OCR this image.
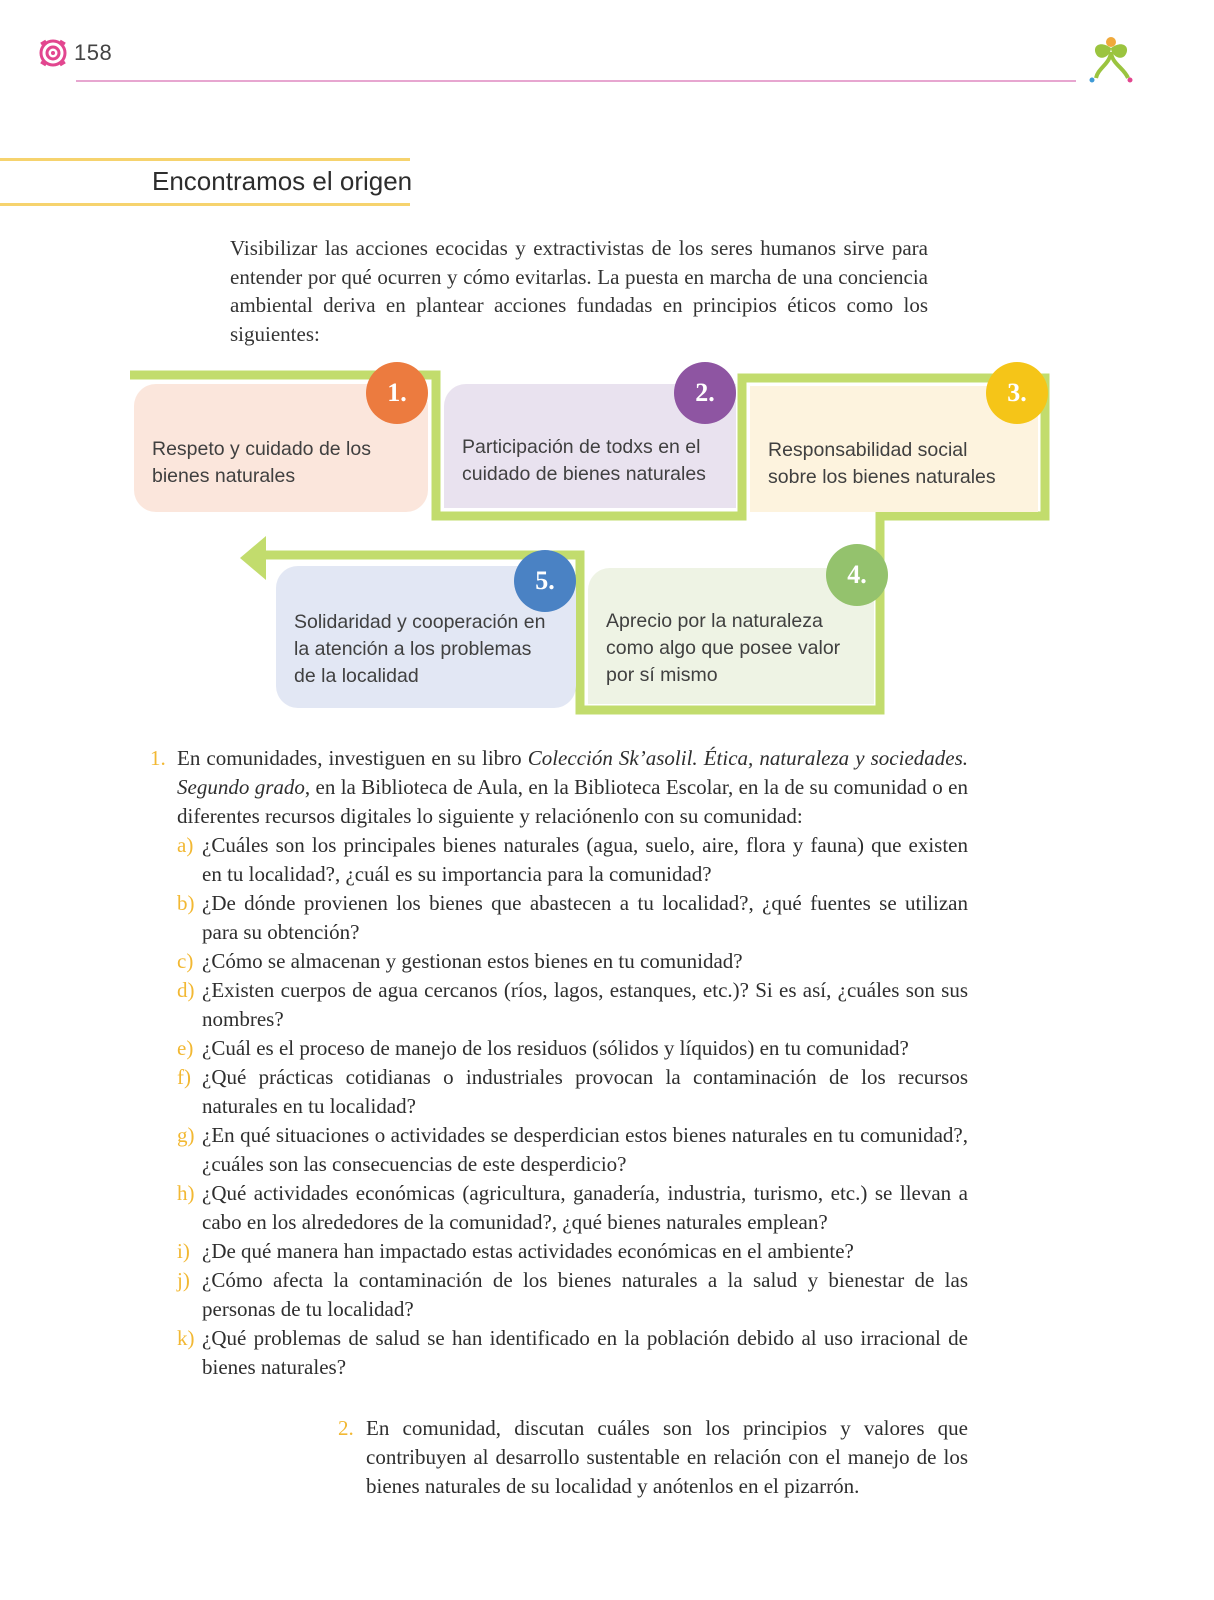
158
Encontramos el origen
Visibilizar las acciones ecocidas y extractivistas de los seres humanos sirve para entender por qué ocurren y cómo evitarlas. La puesta en marcha de una conciencia ambiental deriva en plantear acciones fundadas en principios éticos como los siguientes:
Respeto y cuidado de los bienes naturales
Participación de todxs en el cuidado de bienes naturales
Responsabilidad social sobre los bienes naturales
Aprecio por la naturaleza como algo que posee valor por sí mismo
Solidaridad y cooperación en la atención a los problemas de la localidad
1.	2.	3.
4.
5.
1. En comunidades, investiguen en su libro Colección Sk’asolil. Ética, naturaleza y sociedades. Segundo grado, en la Biblioteca de Aula, en la Biblioteca Escolar, en la de su comunidad o en diferentes recursos digitales lo siguiente y relaciónenlo con su comunidad:
a) ¿Cuáles son los principales bienes naturales (agua, suelo, aire, flora y fauna) que existen en tu localidad?, ¿cuál es su importancia para la comunidad?
b) ¿De dónde provienen los bienes que abastecen a tu localidad?, ¿qué fuentes se utilizan para su obtención?
c) ¿Cómo se almacenan y gestionan estos bienes en tu comunidad?
d) ¿Existen cuerpos de agua cercanos (ríos, lagos, estanques, etc.)? Si es así, ¿cuáles son sus nombres?
e) ¿Cuál es el proceso de manejo de los residuos (sólidos y líquidos) en tu comunidad?
f) ¿Qué prácticas cotidianas o industriales provocan la contaminación de los recursos naturales en tu localidad?
g) ¿En qué situaciones o actividades se desperdician estos bienes naturales en tu comunidad?, ¿cuáles son las consecuencias de este desperdicio?
h) ¿Qué actividades económicas (agricultura, ganadería, industria, turismo, etc.) se llevan a cabo en los alrededores de la comunidad?, ¿qué bienes naturales emplean?
i) ¿De qué manera han impactado estas actividades económicas en el ambiente?
j) ¿Cómo afecta la contaminación de los bienes naturales a la salud y bienestar de las personas de tu localidad?
k) ¿Qué problemas de salud se han identificado en la población debido al uso irracional de bienes naturales?
2. En comunidad, discutan cuáles son los principios y valores que contribuyen al desarrollo sustentable en relación con el manejo de los bienes naturales de su localidad y anótenlos en el pizarrón.
